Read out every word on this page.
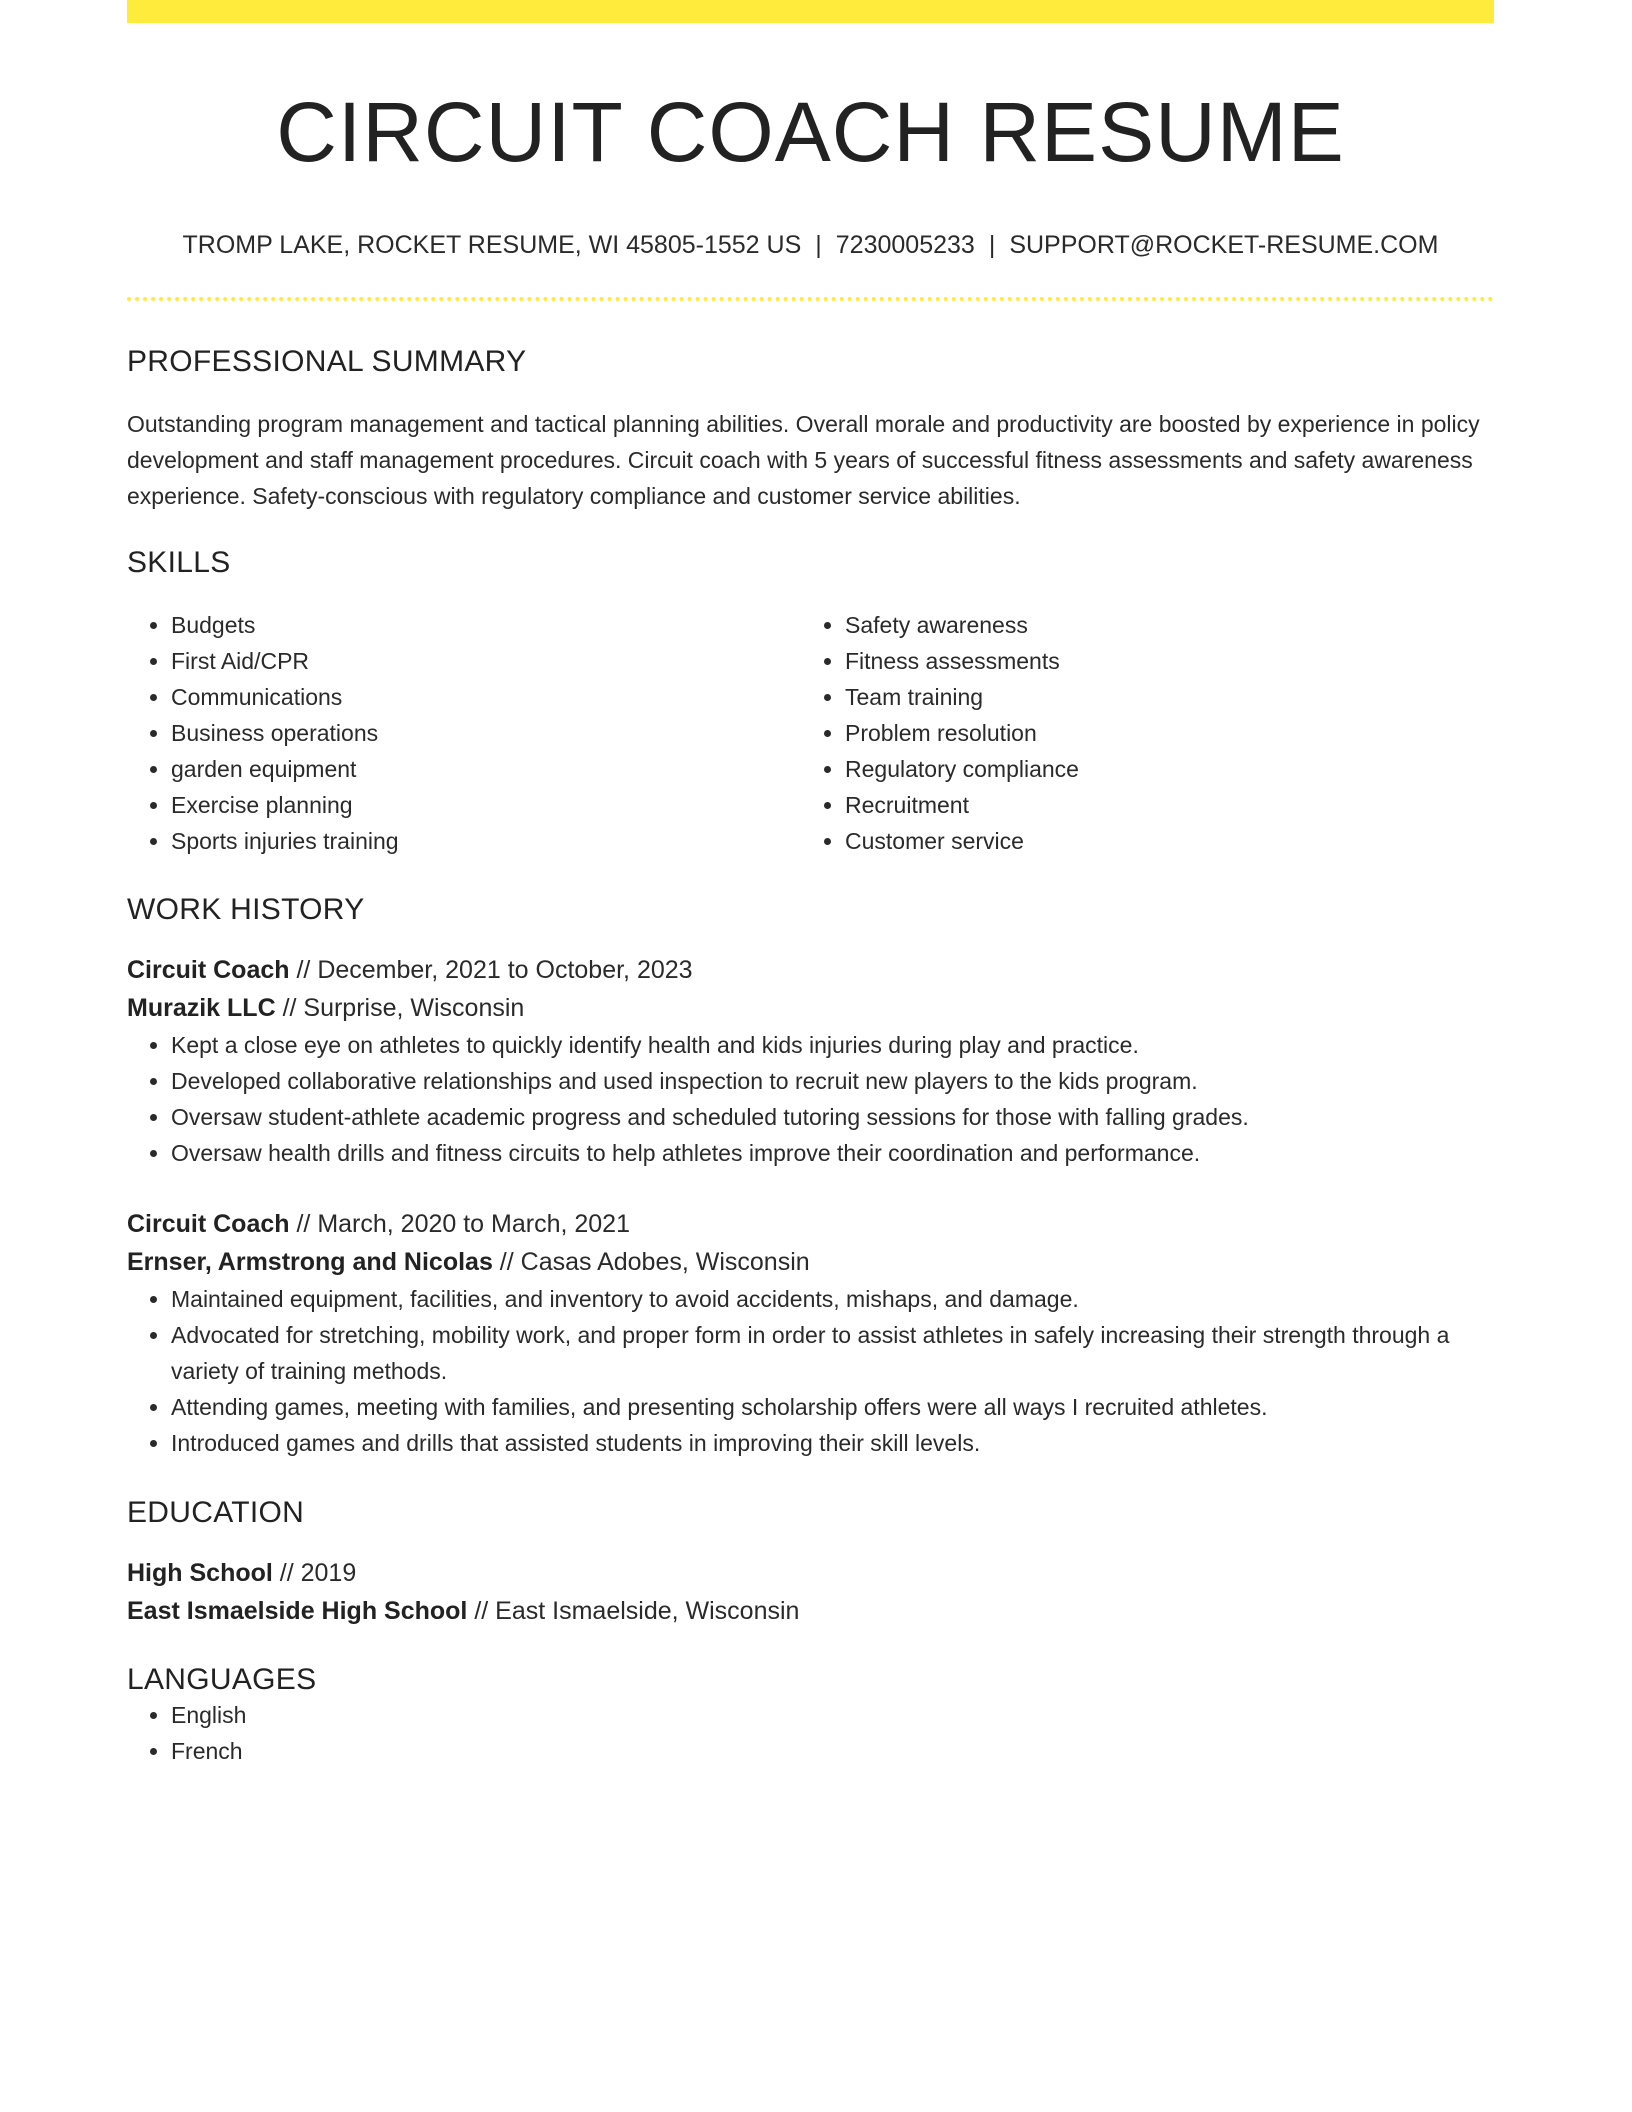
CIRCUIT COACH RESUME
TROMP LAKE, ROCKET RESUME, WI 45805-1552 US | 7230005233 | SUPPORT@ROCKET-RESUME.COM
PROFESSIONAL SUMMARY

Outstanding program management and tactical planning abilities. Overall morale and productivity are boosted by experience in policy development and staff management procedures. Circuit coach with 5 years of successful fitness assessments and safety awareness experience. Safety-conscious with regulatory compliance and customer service abilities.

SKILLS
• Budgets
• First Aid/CPR
• Communications
• Business operations
• garden equipment
• Exercise planning
• Sports injuries training
• Safety awareness
• Fitness assessments
• Team training
• Problem resolution
• Regulatory compliance
• Recruitment
• Customer service
WORK HISTORY
Circuit Coach // December, 2021 to October, 2023
Murazik LLC // Surprise, Wisconsin
• Kept a close eye on athletes to quickly identify health and kids injuries during play and practice.
• Developed collaborative relationships and used inspection to recruit new players to the kids program.
• Oversaw student-athlete academic progress and scheduled tutoring sessions for those with falling grades.
• Oversaw health drills and fitness circuits to help athletes improve their coordination and performance.
Circuit Coach // March, 2020 to March, 2021
Ernser, Armstrong and Nicolas // Casas Adobes, Wisconsin
• Maintained equipment, facilities, and inventory to avoid accidents, mishaps, and damage.
• Advocated for stretching, mobility work, and proper form in order to assist athletes in safely increasing their strength through a variety of training methods.
• Attending games, meeting with families, and presenting scholarship offers were all ways I recruited athletes.
• Introduced games and drills that assisted students in improving their skill levels.
EDUCATION
High School // 2019
East Ismaelside High School // East Ismaelside, Wisconsin
LANGUAGES
• English
• French
